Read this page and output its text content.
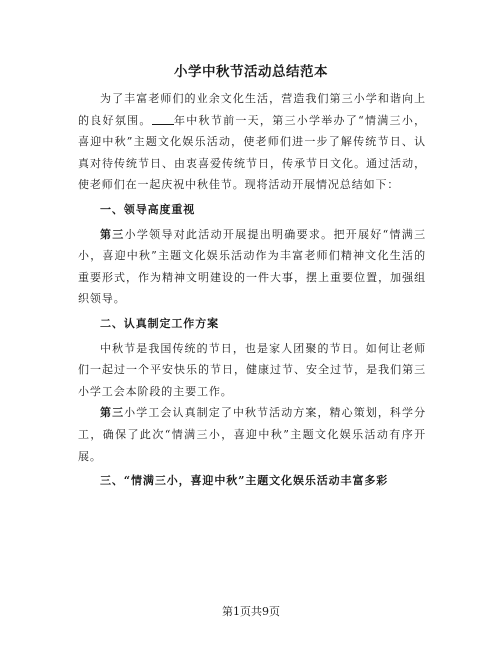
小学中秋节活动总结范本

为了丰富老师们的业余文化生活，营造我们第三小学和谐向上的良好氛围。 年中秋节前一天，第三小学举办了“情满三小，喜迎中秋”主题文化娱乐活动，使老师们进一步了解传统节日、认真对待传统节日、由衷喜爱传统节日，传承节日文化。通过活动，使老师们在一起庆祝中秋佳节。现将活动开展情况总结如下：

一、领导高度重视

第三小学领导对此活动开展提出明确要求。把开展好“情满三小，喜迎中秋”主题文化娱乐活动作为丰富老师们精神文化生活的重要形式，作为精神文明建设的一件大事，摆上重要位置，加强组织领导。

二、认真制定工作方案

中秋节是我国传统的节日，也是家人团聚的节日。如何让老师们一起过一个平安快乐的节日，健康过节、安全过节，是我们第三小学工会本阶段的主要工作。

第三小学工会认真制定了中秋节活动方案，精心策划，科学分工，确保了此次“情满三小，喜迎中秋”主题文化娱乐活动有序开展。

三、“情满三小，喜迎中秋”主题文化娱乐活动丰富多彩

第1页共9页
